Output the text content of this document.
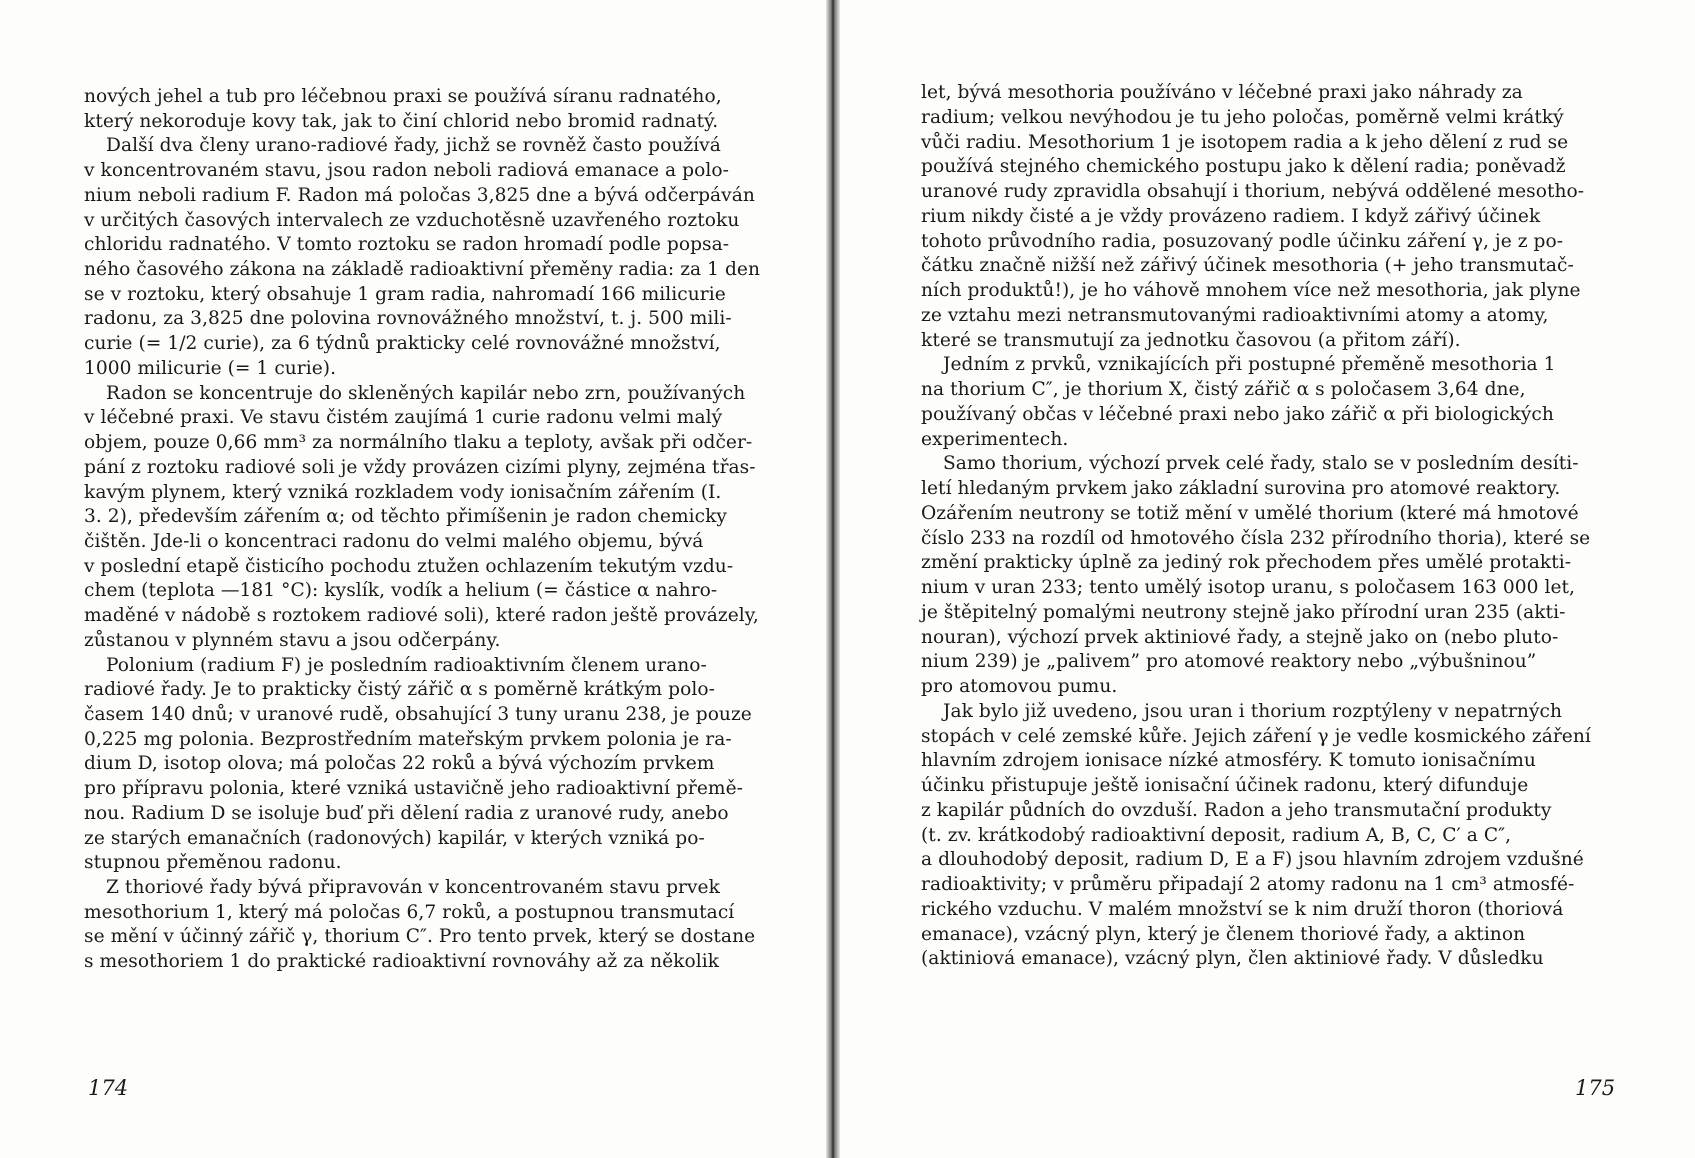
174
nových jehel a tub pro léčebnou praxi se používá síranu radnatého,
který nekoroduje kovy tak, jak to činí chlorid nebo bromid radnatý.
Další dva členy urano-radiové řady, jichž se rovněž často používá
v koncentrovaném stavu, jsou radon neboli radiová emanace a polo-
nium neboli radium F. Radon má poločas 3,825 dne a bývá odčerpáván
v určitých časových intervalech ze vzduchotěsně uzavřeného roztoku
chloridu radnatého. V tomto roztoku se radon hromadí podle popsa-
ného časového zákona na základě radioaktivní přeměny radia: za 1 den
se v roztoku, který obsahuje 1 gram radia, nahromadí 166 milicurie
radonu, za 3,825 dne polovina rovnovážného množství, t. j. 500 mili-
curie (= 1/2 curie), za 6 týdnů prakticky celé rovnovážné množství,
1000 milicurie (= 1 curie).
Radon se koncentruje do skleněných kapilár nebo zrn, používaných
v léčebné praxi. Ve stavu čistém zaujímá 1 curie radonu velmi malý
objem, pouze 0,66 mm³ za normálního tlaku a teploty, avšak při odčer-
pání z roztoku radiové soli je vždy provázen cizími plyny, zejména třas-
kavým plynem, který vzniká rozkladem vody ionisačním zářením (I.
3. 2), především zářením α; od těchto přimíšenin je radon chemicky
čištěn. Jde-li o koncentraci radonu do velmi malého objemu, bývá
v poslední etapě čisticího pochodu ztužen ochlazením tekutým vzdu-
chem (teplota —181 °C): kyslík, vodík a helium (= částice α nahro-
maděné v nádobě s roztokem radiové soli), které radon ještě provázely,
zůstanou v plynném stavu a jsou odčerpány.
Polonium (radium F) je posledním radioaktivním členem urano-
radiové řady. Je to prakticky čistý zářič α s poměrně krátkým polo-
časem 140 dnů; v uranové rudě, obsahující 3 tuny uranu 238, je pouze
0,225 mg polonia. Bezprostředním mateřským prvkem polonia je ra-
dium D, isotop olova; má poločas 22 roků a bývá výchozím prvkem
pro přípravu polonia, které vzniká ustavičně jeho radioaktivní přemě-
nou. Radium D se isoluje buď při dělení radia z uranové rudy, anebo
ze starých emanačních (radonových) kapilár, v kterých vzniká po-
stupnou přeměnou radonu.
Z thoriové řady bývá připravován v koncentrovaném stavu prvek
mesothorium 1, který má poločas 6,7 roků, a postupnou transmutací
se mění v účinný zářič γ, thorium C″. Pro tento prvek, který se dostane
s mesothoriem 1 do praktické radioaktivní rovnováhy až za několik
175
let, bývá mesothoria používáno v léčebné praxi jako náhrady za
radium; velkou nevýhodou je tu jeho poločas, poměrně velmi krátký
vůči radiu. Mesothorium 1 je isotopem radia a k jeho dělení z rud se
používá stejného chemického postupu jako k dělení radia; poněvadž
uranové rudy zpravidla obsahují i thorium, nebývá oddělené mesotho-
rium nikdy čisté a je vždy provázeno radiem. I když zářivý účinek
tohoto průvodního radia, posuzovaný podle účinku záření γ, je z po-
čátku značně nižší než zářivý účinek mesothoria (+ jeho transmutač-
ních produktů!), je ho váhově mnohem více než mesothoria, jak plyne
ze vztahu mezi netransmutovanými radioaktivními atomy a atomy,
které se transmutují za jednotku časovou (a přitom září).
Jedním z prvků, vznikajících při postupné přeměně mesothoria 1
na thorium C″, je thorium X, čistý zářič α s poločasem 3,64 dne,
používaný občas v léčebné praxi nebo jako zářič α při biologických
experimentech.
Samo thorium, výchozí prvek celé řady, stalo se v posledním desíti-
letí hledaným prvkem jako základní surovina pro atomové reaktory.
Ozářením neutrony se totiž mění v umělé thorium (které má hmotové
číslo 233 na rozdíl od hmotového čísla 232 přírodního thoria), které se
změní prakticky úplně za jediný rok přechodem přes umělé protakti-
nium v uran 233; tento umělý isotop uranu, s poločasem 163 000 let,
je štěpitelný pomalými neutrony stejně jako přírodní uran 235 (akti-
nouran), výchozí prvek aktiniové řady, a stejně jako on (nebo pluto-
nium 239) je „palivem” pro atomové reaktory nebo „výbušninou”
pro atomovou pumu.
Jak bylo již uvedeno, jsou uran i thorium rozptýleny v nepatrných
stopách v celé zemské kůře. Jejich záření γ je vedle kosmického záření
hlavním zdrojem ionisace nízké atmosféry. K tomuto ionisačnímu
účinku přistupuje ještě ionisační účinek radonu, který difunduje
z kapilár půdních do ovzduší. Radon a jeho transmutační produkty
(t. zv. krátkodobý radioaktivní deposit, radium A, B, C, C′ a C″,
a dlouhodobý deposit, radium D, E a F) jsou hlavním zdrojem vzdušné
radioaktivity; v průměru připadají 2 atomy radonu na 1 cm³ atmosfé-
rického vzduchu. V malém množství se k nim druží thoron (thoriová
emanace), vzácný plyn, který je členem thoriové řady, a aktinon
(aktiniová emanace), vzácný plyn, člen aktiniové řady. V důsledku
